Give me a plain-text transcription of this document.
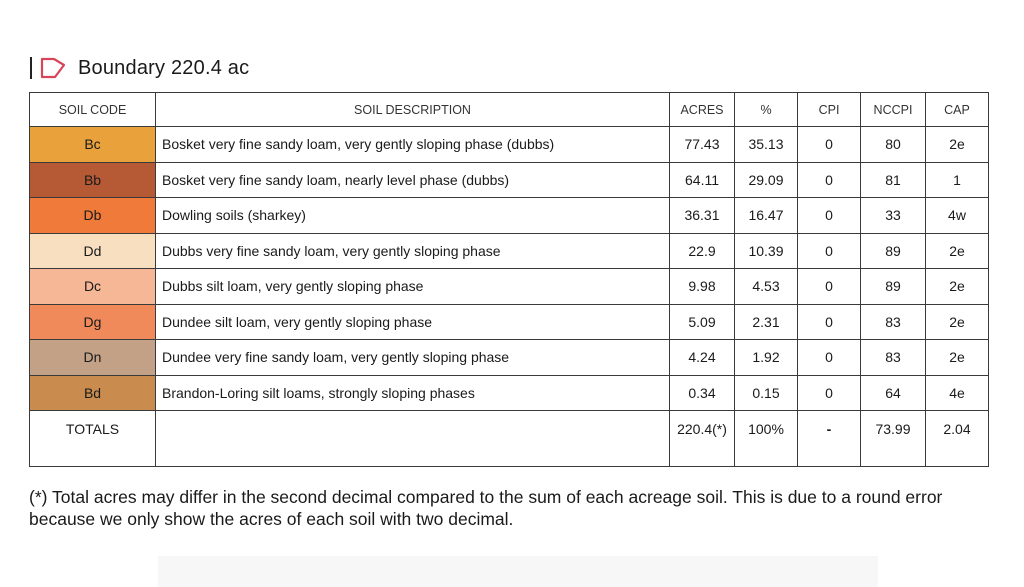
Boundary 220.4 ac
SOIL CODE	SOIL DESCRIPTION	ACRES	%	CPI	NCCPI	CAP
Bc	Bosket very fine sandy loam, very gently sloping phase (dubbs)	77.43	35.13	0	80	2e
Bb	Bosket very fine sandy loam, nearly level phase (dubbs)	64.11	29.09	0	81	1
Db	Dowling soils (sharkey)	36.31	16.47	0	33	4w
Dd	Dubbs very fine sandy loam, very gently sloping phase	22.9	10.39	0	89	2e
Dc	Dubbs silt loam, very gently sloping phase	9.98	4.53	0	89	2e
Dg	Dundee silt loam, very gently sloping phase	5.09	2.31	0	83	2e
Dn	Dundee very fine sandy loam, very gently sloping phase	4.24	1.92	0	83	2e
Bd	Brandon-Loring silt loams, strongly sloping phases	0.34	0.15	0	64	4e
TOTALS		220.4(*)	100%	-	73.99	2.04
(*) Total acres may differ in the second decimal compared to the sum of each acreage soil. This is due to a round error because we only show the acres of each soil with two decimal.
